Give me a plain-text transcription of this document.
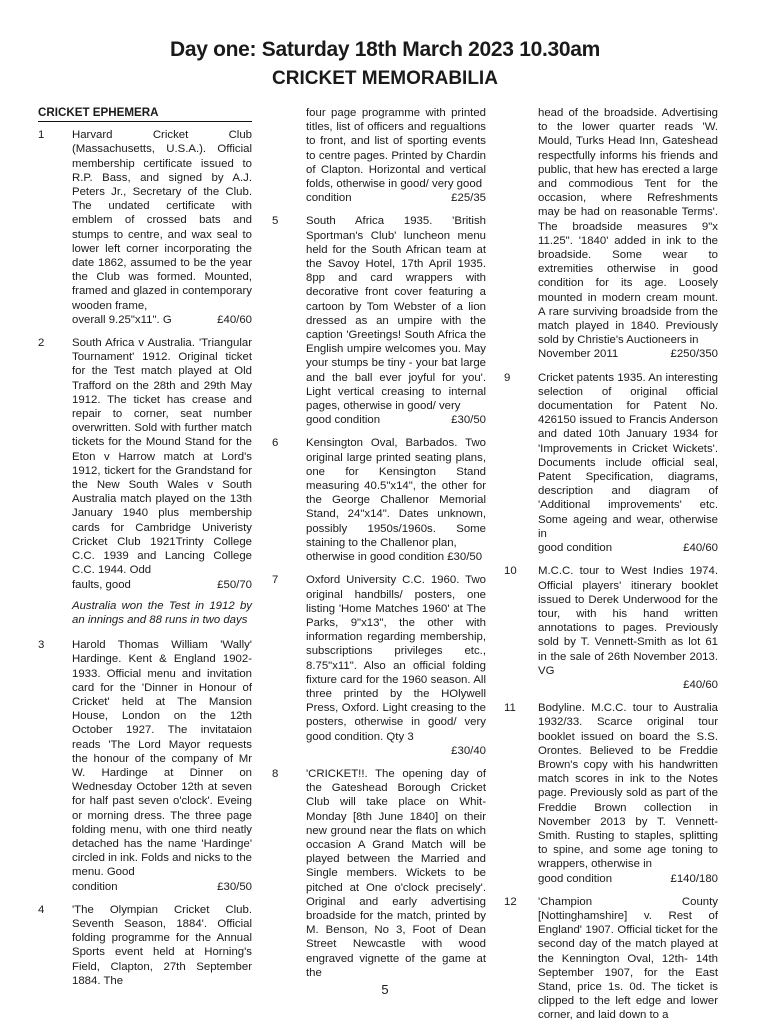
Day one: Saturday 18th March 2023 10.30am
CRICKET MEMORABILIA
CRICKET EPHEMERA
1	Harvard Cricket Club (Massachusetts, U.S.A.). Official membership certificate issued to R.P. Bass, and signed by A.J. Peters Jr., Secretary of the Club. The undated certificate with emblem of crossed bats and stumps to centre, and wax seal to lower left corner incorporating the date 1862, assumed to be the year the Club was formed. Mounted, framed and glazed in contemporary wooden frame,
overall 9.25"x11". G	£40/60
2	South Africa v Australia. 'Triangular Tournament' 1912. Original ticket for the Test match played at Old Trafford on the 28th and 29th May 1912. The ticket has crease and repair to corner, seat number overwritten. Sold with further match tickets for the Mound Stand for the Eton v Harrow match at Lord's 1912, tickert for the Grandstand for the New South Wales v South Australia match played on the 13th January 1940 plus membership cards for Cambridge Univeristy Cricket Club 1921Trinty College C.C. 1939 and Lancing College C.C. 1944. Odd
faults, good	£50/70
Australia won the Test in 1912 by an innings and 88 runs in two days
3	Harold Thomas William 'Wally' Hardinge. Kent & England 1902-1933. Official menu and invitation card for the 'Dinner in Honour of Cricket' held at The Mansion House, London on the 12th October 1927. The invitataion reads 'The Lord Mayor requests the honour of the company of Mr W. Hardinge at Dinner on Wednesday October 12th at seven for half past seven o'clock'. Eveing or morning dress. The three page folding menu, with one third neatly detached has the name 'Hardinge' circled in ink. Folds and nicks to the menu. Good
condition	£30/50
4	'The Olympian Cricket Club. Seventh Season, 1884'. Official folding programme for the Annual Sports event held at Horning's Field, Clapton, 27th September 1884. The
four page programme with printed titles, list of officers and regualtions to front, and list of sporting events to centre pages. Printed by Chardin of Clapton. Horizontal and vertical folds, otherwise in good/ very good
condition	£25/35
5	South Africa 1935. 'British Sportman's Club' luncheon menu held for the South African team at the Savoy Hotel, 17th April 1935. 8pp and card wrappers with decorative front cover featuring a cartoon by Tom Webster of a lion dressed as an umpire with the caption 'Greetings! South Africa the English umpire welcomes you. May your stumps be tiny - your bat large and the ball ever joyful for you'. Light vertical creasing to internal pages, otherwise in good/ very
good condition	£30/50
6	Kensington Oval, Barbados. Two original large printed seating plans, one for Kensington Stand measuring 40.5"x14", the other for the George Challenor Memorial Stand, 24"x14". Dates unknown, possibly 1950s/1960s. Some staining to the Challenor plan,
otherwise in good condition £30/50
7	Oxford University C.C. 1960. Two original handbills/ posters, one listing 'Home Matches 1960' at The Parks, 9"x13", the other with information regarding membership, subscriptions privileges etc., 8.75"x11". Also an official folding fixture card for the 1960 season. All three printed by the HOlywell Press, Oxford. Light creasing to the posters, otherwise in good/ very good condition. Qty 3
£30/40
8	'CRICKET!!. The opening day of the Gateshead Borough Cricket Club will take place on Whit-Monday [8th June 1840] on their new ground near the flats on which occasion A Grand Match will be played between the Married and Single members. Wickets to be pitched at One o'clock precisely'. Original and early advertising broadside for the match, printed by M. Benson, No 3, Foot of Dean Street Newcastle with wood engraved vignette of the game at the
head of the broadside. Advertising to the lower quarter reads 'W. Mould, Turks Head Inn, Gateshead respectfully informs his friends and public, that hew has erected a large and commodious Tent for the occasion, where Refreshments may be had on reasonable Terms'. The broadside measures 9"x 11.25". '1840' added in ink to the broadside. Some wear to extremities otherwise in good condition for its age. Loosely mounted in modern cream mount. A rare surviving broadside from the match played in 1840. Previously sold by Christie's Auctioneers in
November 2011	£250/350
9	Cricket patents 1935. An interesting selection of original official documentation for Patent No. 426150 issued to Francis Anderson and dated 10th January 1934 for 'Improvements in Cricket Wickets'. Documents include official seal, Patent Specification, diagrams, description and diagram of 'Additional improvements' etc. Some ageing and wear, otherwise in
good condition	£40/60
10	M.C.C. tour to West Indies 1974. Official players' itinerary booklet issued to Derek Underwood for the tour, with his hand written annotations to pages. Previously sold by T. Vennett-Smith as lot 61 in the sale of 26th November 2013. VG
£40/60
11	Bodyline. M.C.C. tour to Australia 1932/33. Scarce original tour booklet issued on board the S.S. Orontes. Believed to be Freddie Brown's copy with his handwritten match scores in ink to the Notes page. Previously sold as part of the Freddie Brown collection in November 2013 by T. Vennett-Smith. Rusting to staples, splitting to spine, and some age toning to wrappers, otherwise in
good condition	£140/180
12	'Champion County [Nottinghamshire] v. Rest of England' 1907. Official ticket for the second day of the match played at the Kennington Oval, 12th- 14th September 1907, for the East Stand, price 1s. 0d. The ticket is clipped to the left edge and lower corner, and laid down to a
5
